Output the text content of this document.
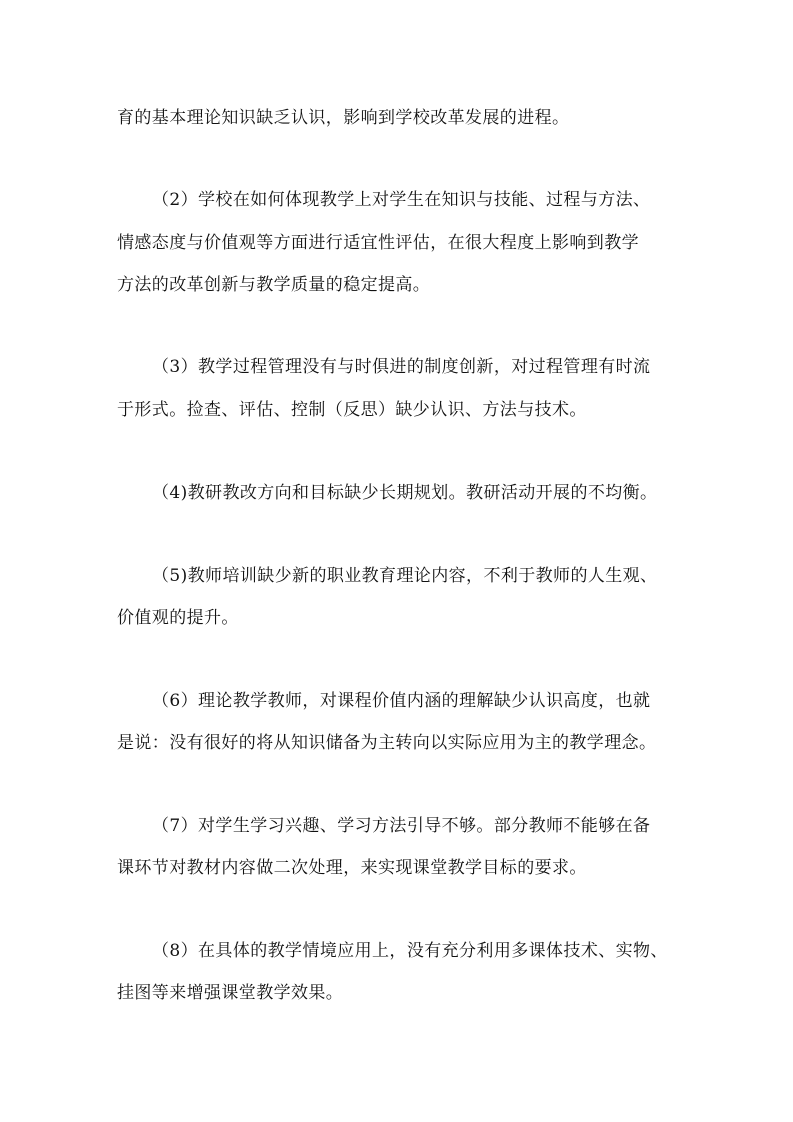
育的基本理论知识缺乏认识，影响到学校改革发展的进程。
（2）学校在如何体现教学上对学生在知识与技能、过程与方法、
情感态度与价值观等方面进行适宜性评估，在很大程度上影响到教学
方法的改革创新与教学质量的稳定提高。
（3）教学过程管理没有与时俱进的制度创新，对过程管理有时流
于形式。捡查、评估、控制（反思）缺少认识、方法与技术。
（4)教研教改方向和目标缺少长期规划。教研活动开展的不均衡。
（5)教师培训缺少新的职业教育理论内容，不利于教师的人生观、
价值观的提升。
（6）理论教学教师，对课程价值内涵的理解缺少认识高度，也就
是说：没有很好的将从知识储备为主转向以实际应用为主的教学理念。
（7）对学生学习兴趣、学习方法引导不够。部分教师不能够在备
课环节对教材内容做二次处理，来实现课堂教学目标的要求。
（8）在具体的教学情境应用上，没有充分利用多课体技术、实物、
挂图等来增强课堂教学效果。
